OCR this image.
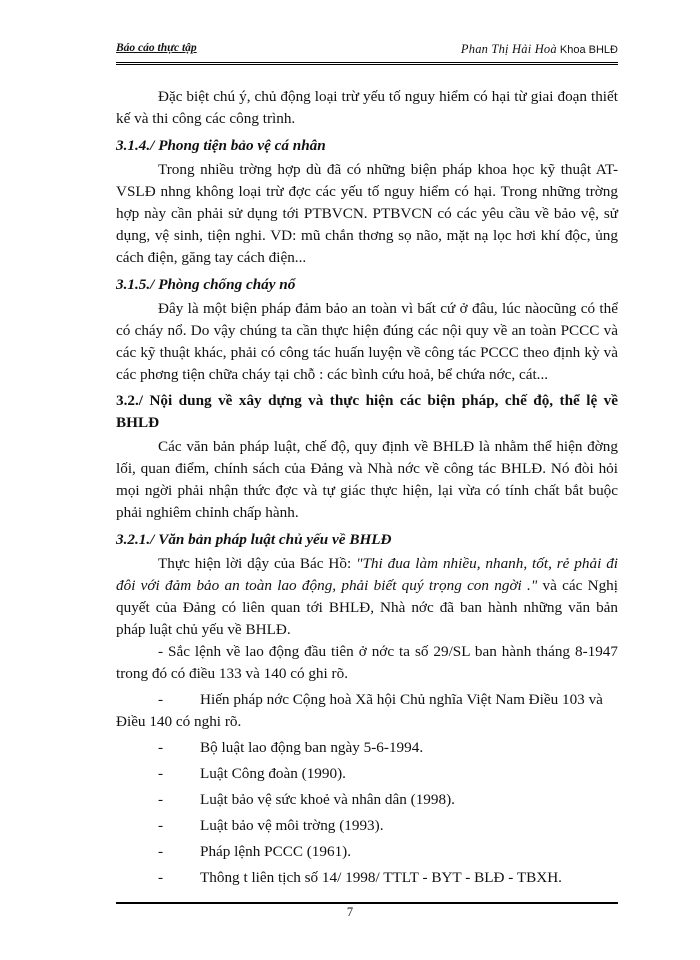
Báo cáo thực tập	Phan Thị Hải Hoà Khoa BHLĐ

Đặc biệt chú ý, chủ động loại trừ yếu tố nguy hiểm có hại từ giai đoạn thiết kế và thi công các công trình.

3.1.4./ Phong tiện bảo vệ cá nhân

Trong nhiều trờng hợp dù đã có những biện pháp khoa học kỹ thuật AT-VSLĐ nhng không loại trừ đợc các yếu tố nguy hiểm có hại. Trong những trờng hợp này cần phải sử dụng tới PTBVCN. PTBVCN có các yêu cầu về bảo vệ, sử dụng, vệ sinh, tiện nghi. VD: mũ chắn thơng sọ não, mặt nạ lọc hơi khí độc, ủng cách điện, găng tay cách điện...

3.1.5./ Phòng chống cháy nổ

Đây là một biện pháp đảm bảo an toàn vì bất cứ ở đâu, lúc nàocũng có thể có cháy nổ. Do vậy chúng ta cần thực hiện đúng các nội quy về an toàn PCCC và các kỹ thuật khác, phải có công tác huấn luyện về công tác PCCC theo định kỳ và các phơng tiện chữa cháy tại chỗ : các bình cứu hoả, bể chứa nớc, cát...

3.2./ Nội dung về xây dựng và thực hiện các biện pháp, chế độ, thể lệ về BHLĐ

Các văn bản pháp luật, chế độ, quy định về BHLĐ là nhằm thể hiện đờng lối, quan điểm, chính sách của Đảng và Nhà nớc về công tác BHLĐ. Nó đòi hỏi mọi ngời phải nhận thức đợc và tự giác thực hiện, lại vừa có tính chất bắt buộc phải nghiêm chỉnh chấp hành.

3.2.1./ Văn bản pháp luật chủ yếu về BHLĐ

Thực hiện lời dậy của Bác Hồ: "Thi đua làm nhiều, nhanh, tốt, rẻ phải đi đôi với đảm bảo an toàn lao động, phải biết quý trọng con ngời ." và các Nghị quyết của Đảng có liên quan tới BHLĐ, Nhà nớc đã ban hành những văn bản pháp luật chủ yếu về BHLĐ.

- Sắc lệnh về lao động đầu tiên ở nớc ta số 29/SL ban hành tháng 8-1947 trong đó có điều 133 và 140 có ghi rõ.

- Hiến pháp nớc Cộng hoà Xã hội Chủ nghĩa Việt Nam Điều 103 và Điều 140 có nghi rõ.
- Bộ luật lao động ban ngày 5-6-1994.
- Luật Công đoàn (1990).
- Luật bảo vệ sức khoẻ và nhân dân (1998).
- Luật bảo vệ môi trờng (1993).
- Pháp lệnh PCCC (1961).
- Thông t liên tịch số 14/ 1998/ TTLT - BYT - BLĐ - TBXH.
7
